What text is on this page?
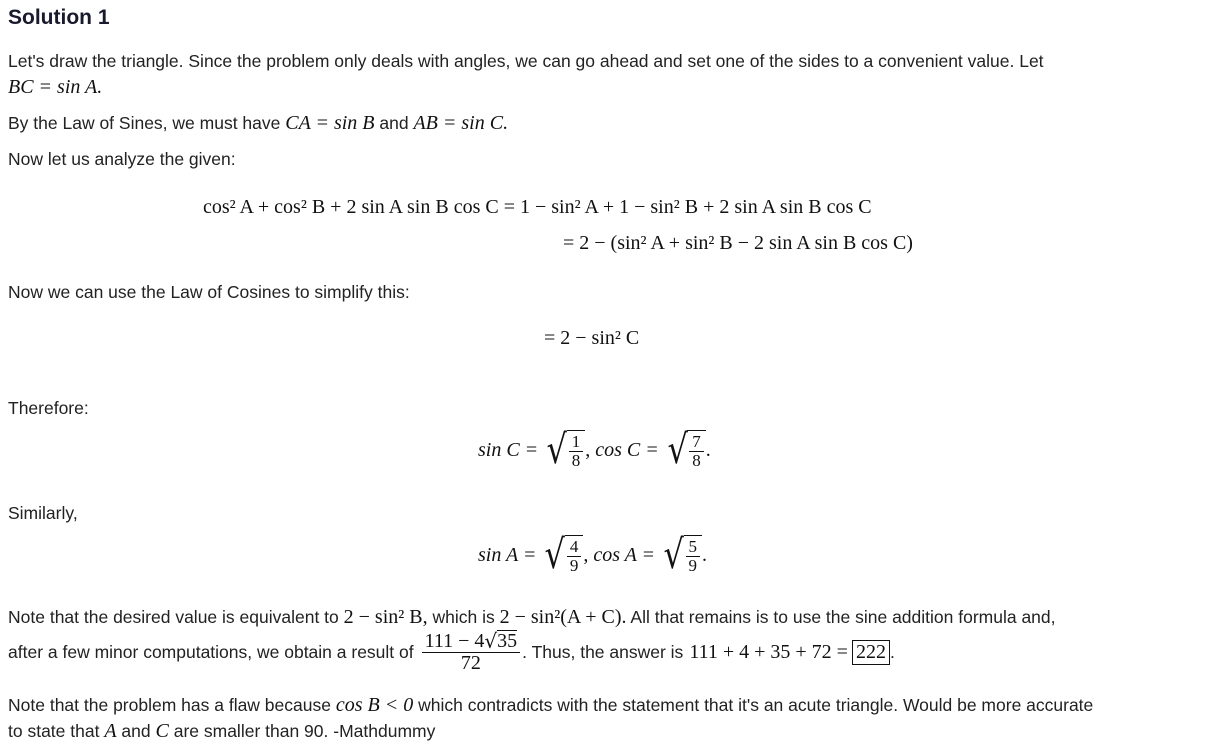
Solution 1
Let's draw the triangle. Since the problem only deals with angles, we can go ahead and set one of the sides to a convenient value. Let
BC = sin A.
By the Law of Sines, we must have CA = sin B and AB = sin C.
Now let us analyze the given:
cos² A + cos² B + 2 sin A sin B cos C = 1 − sin² A + 1 − sin² B + 2 sin A sin B cos C
= 2 − (sin² A + sin² B − 2 sin A sin B cos C)
Now we can use the Law of Cosines to simplify this:
= 2 − sin² C
Therefore:
sin C = √ $\frac{1}{8}$ , cos C = √ $\frac{7}{8}$ .
Similarly,
sin A = √ $\frac{4}{9}$ , cos A = √ $\frac{5}{9}$ .
Note that the desired value is equivalent to 2 − sin² B, which is 2 − sin²(A + C). All that remains is to use the sine addition formula and,
after a few minor computations, we obtain a result of $\frac{111 - 4 √ 35}{72}$ . Thus, the answer is 111 + 4 + 35 + 72 = 222 .
Note that the problem has a flaw because cos B < 0 which contradicts with the statement that it's an acute triangle. Would be more accurate
to state that A and C are smaller than 90. -Mathdummy
